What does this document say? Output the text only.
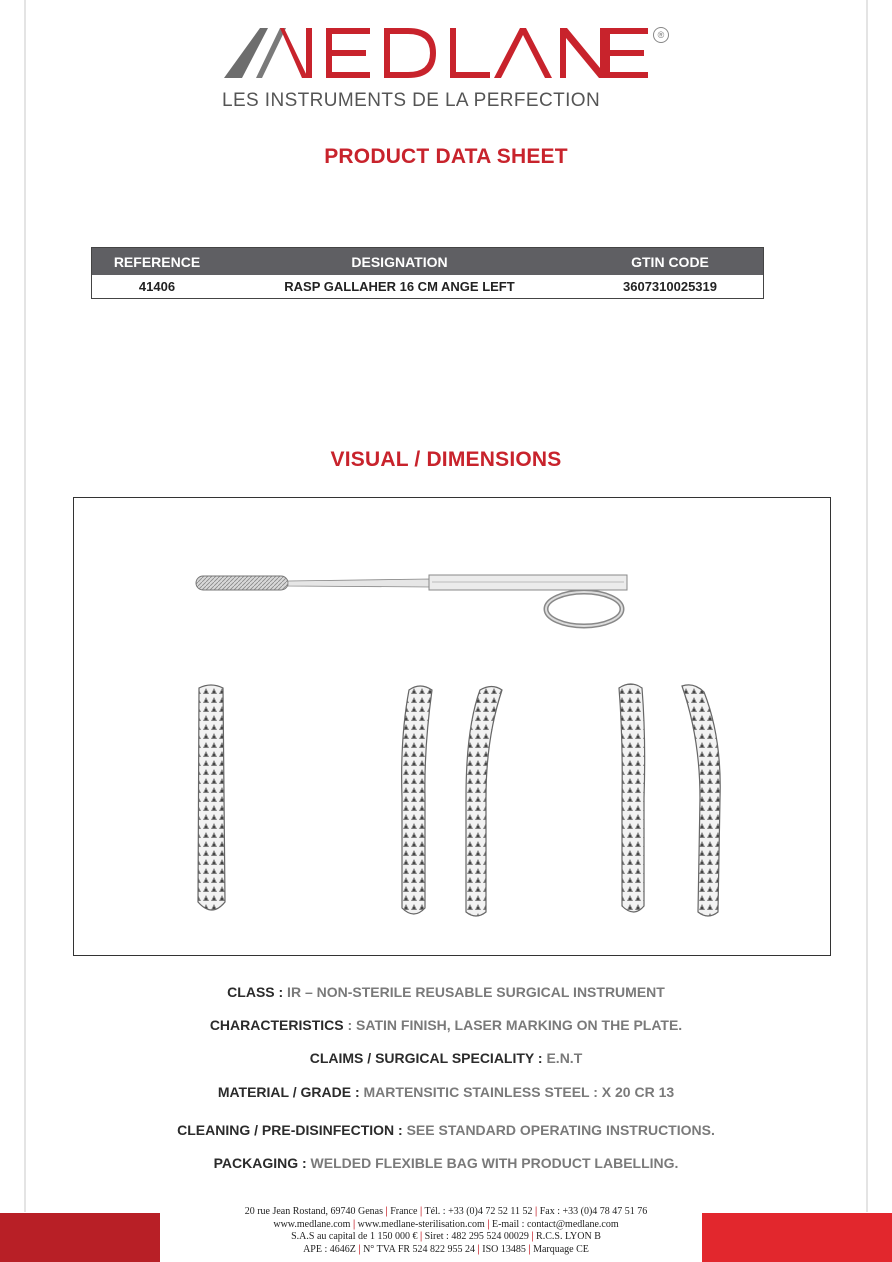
®
LES INSTRUMENTS DE LA PERFECTION
PRODUCT DATA SHEET
REFERENCE	DESIGNATION	GTIN CODE
41406	RASP GALLAHER 16 CM ANGE LEFT	3607310025319
VISUAL / DIMENSIONS
CLASS : IR – NON-STERILE REUSABLE SURGICAL INSTRUMENT
CHARACTERISTICS : SATIN FINISH, LASER MARKING ON THE PLATE.
CLAIMS / SURGICAL SPECIALITY : E.N.T
MATERIAL / GRADE : MARTENSITIC STAINLESS STEEL : X 20 CR 13
CLEANING / PRE-DISINFECTION : SEE STANDARD OPERATING INSTRUCTIONS.
PACKAGING : WELDED FLEXIBLE BAG WITH PRODUCT LABELLING.
20 rue Jean Rostand, 69740 Genas | France | Tél. : +33 (0)4 72 52 11 52 | Fax : +33 (0)4 78 47 51 76
www.medlane.com | www.medlane-sterilisation.com | E-mail : contact@medlane.com
S.A.S au capital de 1 150 000 € | Siret : 482 295 524 00029 | R.C.S. LYON B
APE : 4646Z | N° TVA FR 524 822 955 24 | ISO 13485 | Marquage CE
